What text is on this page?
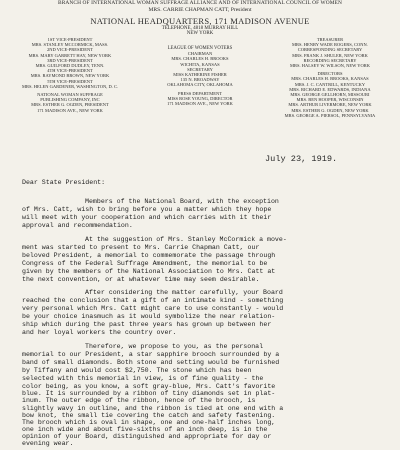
BRANCH OF INTERNATIONAL WOMAN SUFFRAGE ALLIANCE AND OF INTERNATIONAL COUNCIL OF WOMEN
MRS. CARRIE CHAPMAN CATT, President
NATIONAL HEADQUARTERS, 171 MADISON AVENUE
TELEPHONE, 4818 MURRAY HILL
NEW YORK
1ST VICE-PRESIDENT
MRS. STANLEY MCCORMICK, MASS.
2ND VICE-PRESIDENT
MRS. MARY GARRETT HAY, NEW YORK
3RD VICE-PRESIDENT
MRS. GUILFORD DUDLEY, TENN.
4TH VICE-PRESIDENT
MRS. RAYMOND BROWN, NEW YORK
5TH VICE-PRESIDENT
MRS. HELEN GARDENER, WASHINGTON, D. C.
NATIONAL WOMAN SUFFRAGE
PUBLISHING COMPANY, INC
MRS. ESTHER G. OGDEN, PRESIDENT
171 MADISON AVE., NEW YORK
LEAGUE OF WOMEN VOTERS
CHAIRMAN
MRS. CHARLES H. BROOKS
WICHITA, KANSAS
SECRETARY
MISS KATHERINE FISHER
135 N. BROADWAY
OKLAHOMA CITY, OKLAHOMA
PRESS DEPARTMENT
MISS ROSE YOUNG, DIRECTOR
171 MADISON AVE., NEW YORK
TREASURER
MRS. HENRY WADE ROGERS, CONN.
CORRESPONDING SECRETARY
MRS. FRANK J. SHULER, NEW YORK
RECORDING SECRETARY
MRS. HALSEY W. WILSON, NEW YORK
DIRECTORS
MRS. CHARLES H. BROOKS, KANSAS
MRS. J. C. CANTRILL, KENTUCKY
MRS. RICHARD E. EDWARDS, INDIANA
MRS. GEORGE GELLHORN, MISSOURI
MRS. BEN HOOPER, WISCONSIN
MRS. ARTHUR LIVERMORE, NEW YORK
MRS. ESTHER G. OGDEN, NEW YORK
MRS. GEORGE A. PIERSOL, PENNSYLVANIA
July 23, 1919.
Dear State President:
Members of the National Board, with the exception
of Mrs. Catt, wish to bring before you a matter which they hope
will meet with your cooperation and which carries with it their
approval and recommendation.
At the suggestion of Mrs. Stanley McCormick a move-
ment was started to present to Mrs. Carrie Chapman Catt, our
beloved President, a memorial to commemorate the passage through
Congress of the Federal Suffrage Amendment, the memorial to be
given by the members of the National Association to Mrs. Catt at
the next convention, or at whatever time may seem desirable.
After considering the matter carefully, your Board
reached the conclusion that a gift of an intimate kind - something
very personal which Mrs. Catt might care to use constantly - would
be your choice inasmuch as it would symbolize the near relation-
ship which during the past three years has grown up between her
and her loyal workers the country over.
Therefore, we propose to you, as the personal
memorial to our President, a star sapphire brooch surrounded by a
band of small diamonds. Both stone and setting would be furnished
by Tiffany and would cost $2,750. The stone which has been
selected with this memorial in view, is of fine quality - the
color being, as you know, a soft gray-blue, Mrs. Catt's favorite
blue. It is surrounded by a ribbon of tiny diamonds set in plat-
inum. The outer edge of the ribbon, hence of the brooch, is
slightly wavy in outline, and the ribbon is tied at one end with a
bow knot, the small tie covering the catch and safety fastening.
The brooch which is oval in shape, one and one-half inches long,
one inch wide and about five-sixths of an inch deep, is in the
opinion of your Board, distinguished and appropriate for day or
evening wear.
